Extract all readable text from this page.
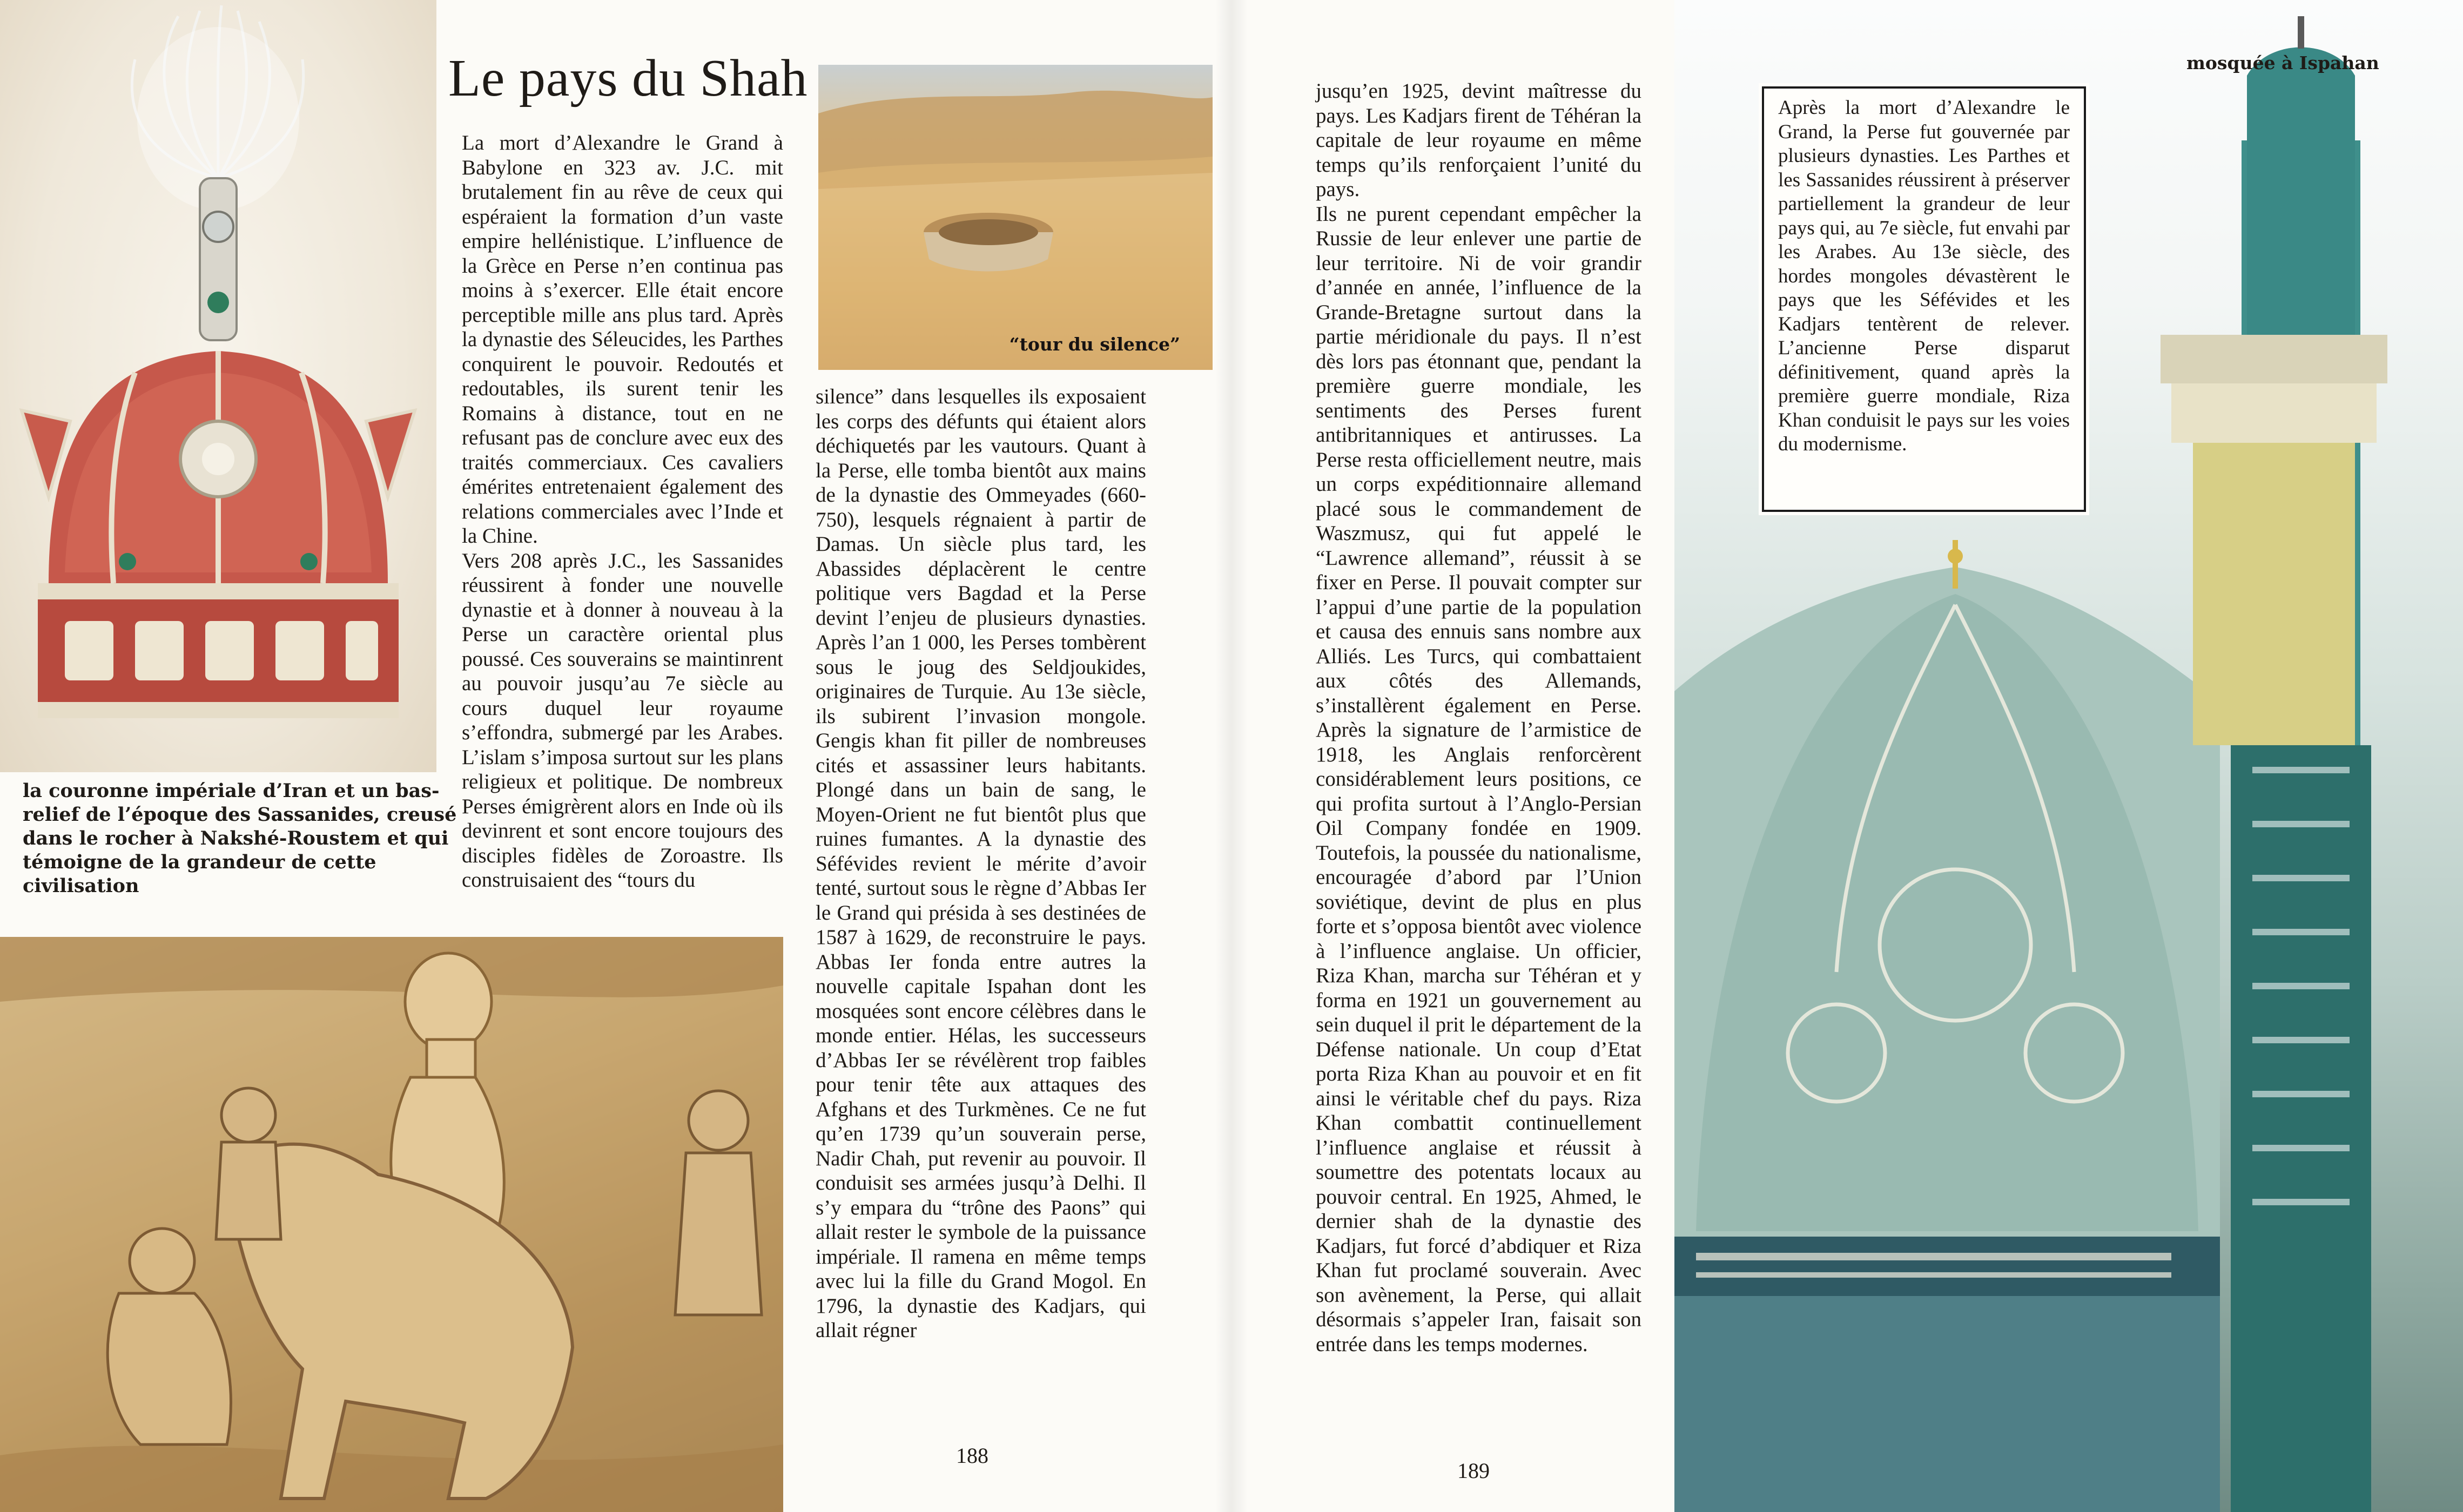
Le pays du Shah

La mort d’Alexandre le Grand à Babylone en 323 av. J.C. mit brutalement fin au rêve de ceux qui espéraient la formation d’un vaste empire hellénistique. L’influence de la Grèce en Perse n’en continua pas moins à s’exercer. Elle était encore perceptible mille ans plus tard. Après la dynastie des Séleucides, les Parthes conquirent le pouvoir. Redoutés et redoutables, ils surent tenir les Romains à distance, tout en ne refusant pas de conclure avec eux des traités commerciaux. Ces cavaliers émérites entretenaient également des relations commerciales avec l’Inde et la Chine.

Vers 208 après J.C., les Sassanides réussirent à fonder une nouvelle dynastie et à donner à nouveau à la Perse un caractère oriental plus poussé. Ces souverains se maintinrent au pouvoir jusqu’au 7e siècle au cours duquel leur royaume s’effondra, submergé par les Arabes. L’islam s’imposa surtout sur les plans religieux et politique. De nombreux Perses émigrèrent alors en Inde où ils devinrent et sont encore toujours des disciples fidèles de Zoroastre. Ils construisaient des “tours du

“tour du silence”

la couronne impériale d’Iran et un bas-relief de l’époque des Sassanides, creusé dans le rocher à Nakshé-Roustem et qui témoigne de la grandeur de cette civilisation

silence” dans lesquelles ils exposaient les corps des défunts qui étaient alors déchiquetés par les vautours. Quant à la Perse, elle tomba bientôt aux mains de la dynastie des Ommeyades (660-750), lesquels régnaient à partir de Damas. Un siècle plus tard, les Abassides déplacèrent le centre politique vers Bagdad et la Perse devint l’enjeu de plusieurs dynasties. Après l’an 1 000, les Perses tombèrent sous le joug des Seldjoukides, originaires de Turquie. Au 13e siècle, ils subirent l’invasion mongole. Gengis khan fit piller de nombreuses cités et assassiner leurs habitants. Plongé dans un bain de sang, le Moyen-Orient ne fut bientôt plus que ruines fumantes. A la dynastie des Séfévides revient le mérite d’avoir tenté, surtout sous le règne d’Abbas Ier le Grand qui présida à ses destinées de 1587 à 1629, de reconstruire le pays. Abbas Ier fonda entre autres la nouvelle capitale Ispahan dont les mosquées sont encore célèbres dans le monde entier. Hélas, les successeurs d’Abbas Ier se révélèrent trop faibles pour tenir tête aux attaques des Afghans et des Turkmènes. Ce ne fut qu’en 1739 qu’un souverain perse, Nadir Chah, put revenir au pouvoir. Il conduisit ses armées jusqu’à Delhi. Il s’y empara du “trône des Paons” qui allait rester le symbole de la puissance impériale. Il ramena en même temps avec lui la fille du Grand Mogol. En 1796, la dynastie des Kadjars, qui allait régner

jusqu’en 1925, devint maîtresse du pays. Les Kadjars firent de Téhéran la capitale de leur royaume en même temps qu’ils renforçaient l’unité du pays.

Ils ne purent cependant empêcher la Russie de leur enlever une partie de leur territoire. Ni de voir grandir d’année en année, l’influence de la Grande-Bretagne surtout dans la partie méridionale du pays. Il n’est dès lors pas étonnant que, pendant la première guerre mondiale, les sentiments des Perses furent antibritanniques et antirusses. La Perse resta officiellement neutre, mais un corps expéditionnaire allemand placé sous le commandement de Waszmusz, qui fut appelé le “Lawrence allemand”, réussit à se fixer en Perse. Il pouvait compter sur l’appui d’une partie de la population et causa des ennuis sans nombre aux Alliés. Les Turcs, qui combattaient aux côtés des Allemands, s’installèrent également en Perse. Après la signature de l’armistice de 1918, les Anglais renforcèrent considérablement leurs positions, ce qui profita surtout à l’Anglo-Persian Oil Company fondée en 1909. Toutefois, la poussée du nationalisme, encouragée d’abord par l’Union soviétique, devint de plus en plus forte et s’opposa bientôt avec violence à l’influence anglaise. Un officier, Riza Khan, marcha sur Téhéran et y forma en 1921 un gouvernement au sein duquel il prit le département de la Défense nationale. Un coup d’Etat porta Riza Khan au pouvoir et en fit ainsi le véritable chef du pays. Riza Khan combattit continuellement l’influence anglaise et réussit à soumettre des potentats locaux au pouvoir central. En 1925, Ahmed, le dernier shah de la dynastie des Kadjars, fut forcé d’abdiquer et Riza Khan fut proclamé souverain. Avec son avènement, la Perse, qui allait désormais s’appeler Iran, faisait son entrée dans les temps modernes.

mosquée à Ispahan

Après la mort d’Alexandre le Grand, la Perse fut gouvernée par plusieurs dynasties. Les Parthes et les Sassanides réussirent à préserver partiellement la grandeur de leur pays qui, au 7e siècle, fut envahi par les Arabes. Au 13e siècle, des hordes mongoles dévastèrent le pays que les Séfévides et les Kadjars tentèrent de relever. L’ancienne Perse disparut définitivement, quand après la première guerre mondiale, Riza Khan conduisit le pays sur les voies du modernisme.

188
189
